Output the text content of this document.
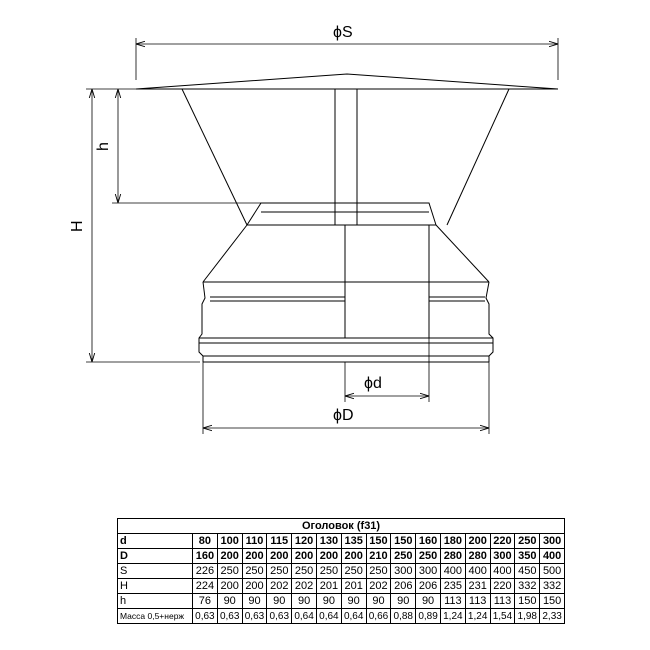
ϕS
H
h
ϕd
ϕD
Оголовок (f31)															
d	80	100	110	115	120	130	135	150	150	160	180	200	220	250	300
D	160	200	200	200	200	200	200	210	250	250	280	280	300	350	400
S	226	250	250	250	250	250	250	250	300	300	400	400	400	450	500
H	224	200	200	202	202	201	201	202	206	206	235	231	220	332	332
h	76	90	90	90	90	90	90	90	90	90	113	113	113	150	150
Масса 0,5+нерж	0,63	0,63	0,63	0,63	0,64	0,64	0,64	0,66	0,88	0,89	1,24	1,24	1,54	1,98	2,33
